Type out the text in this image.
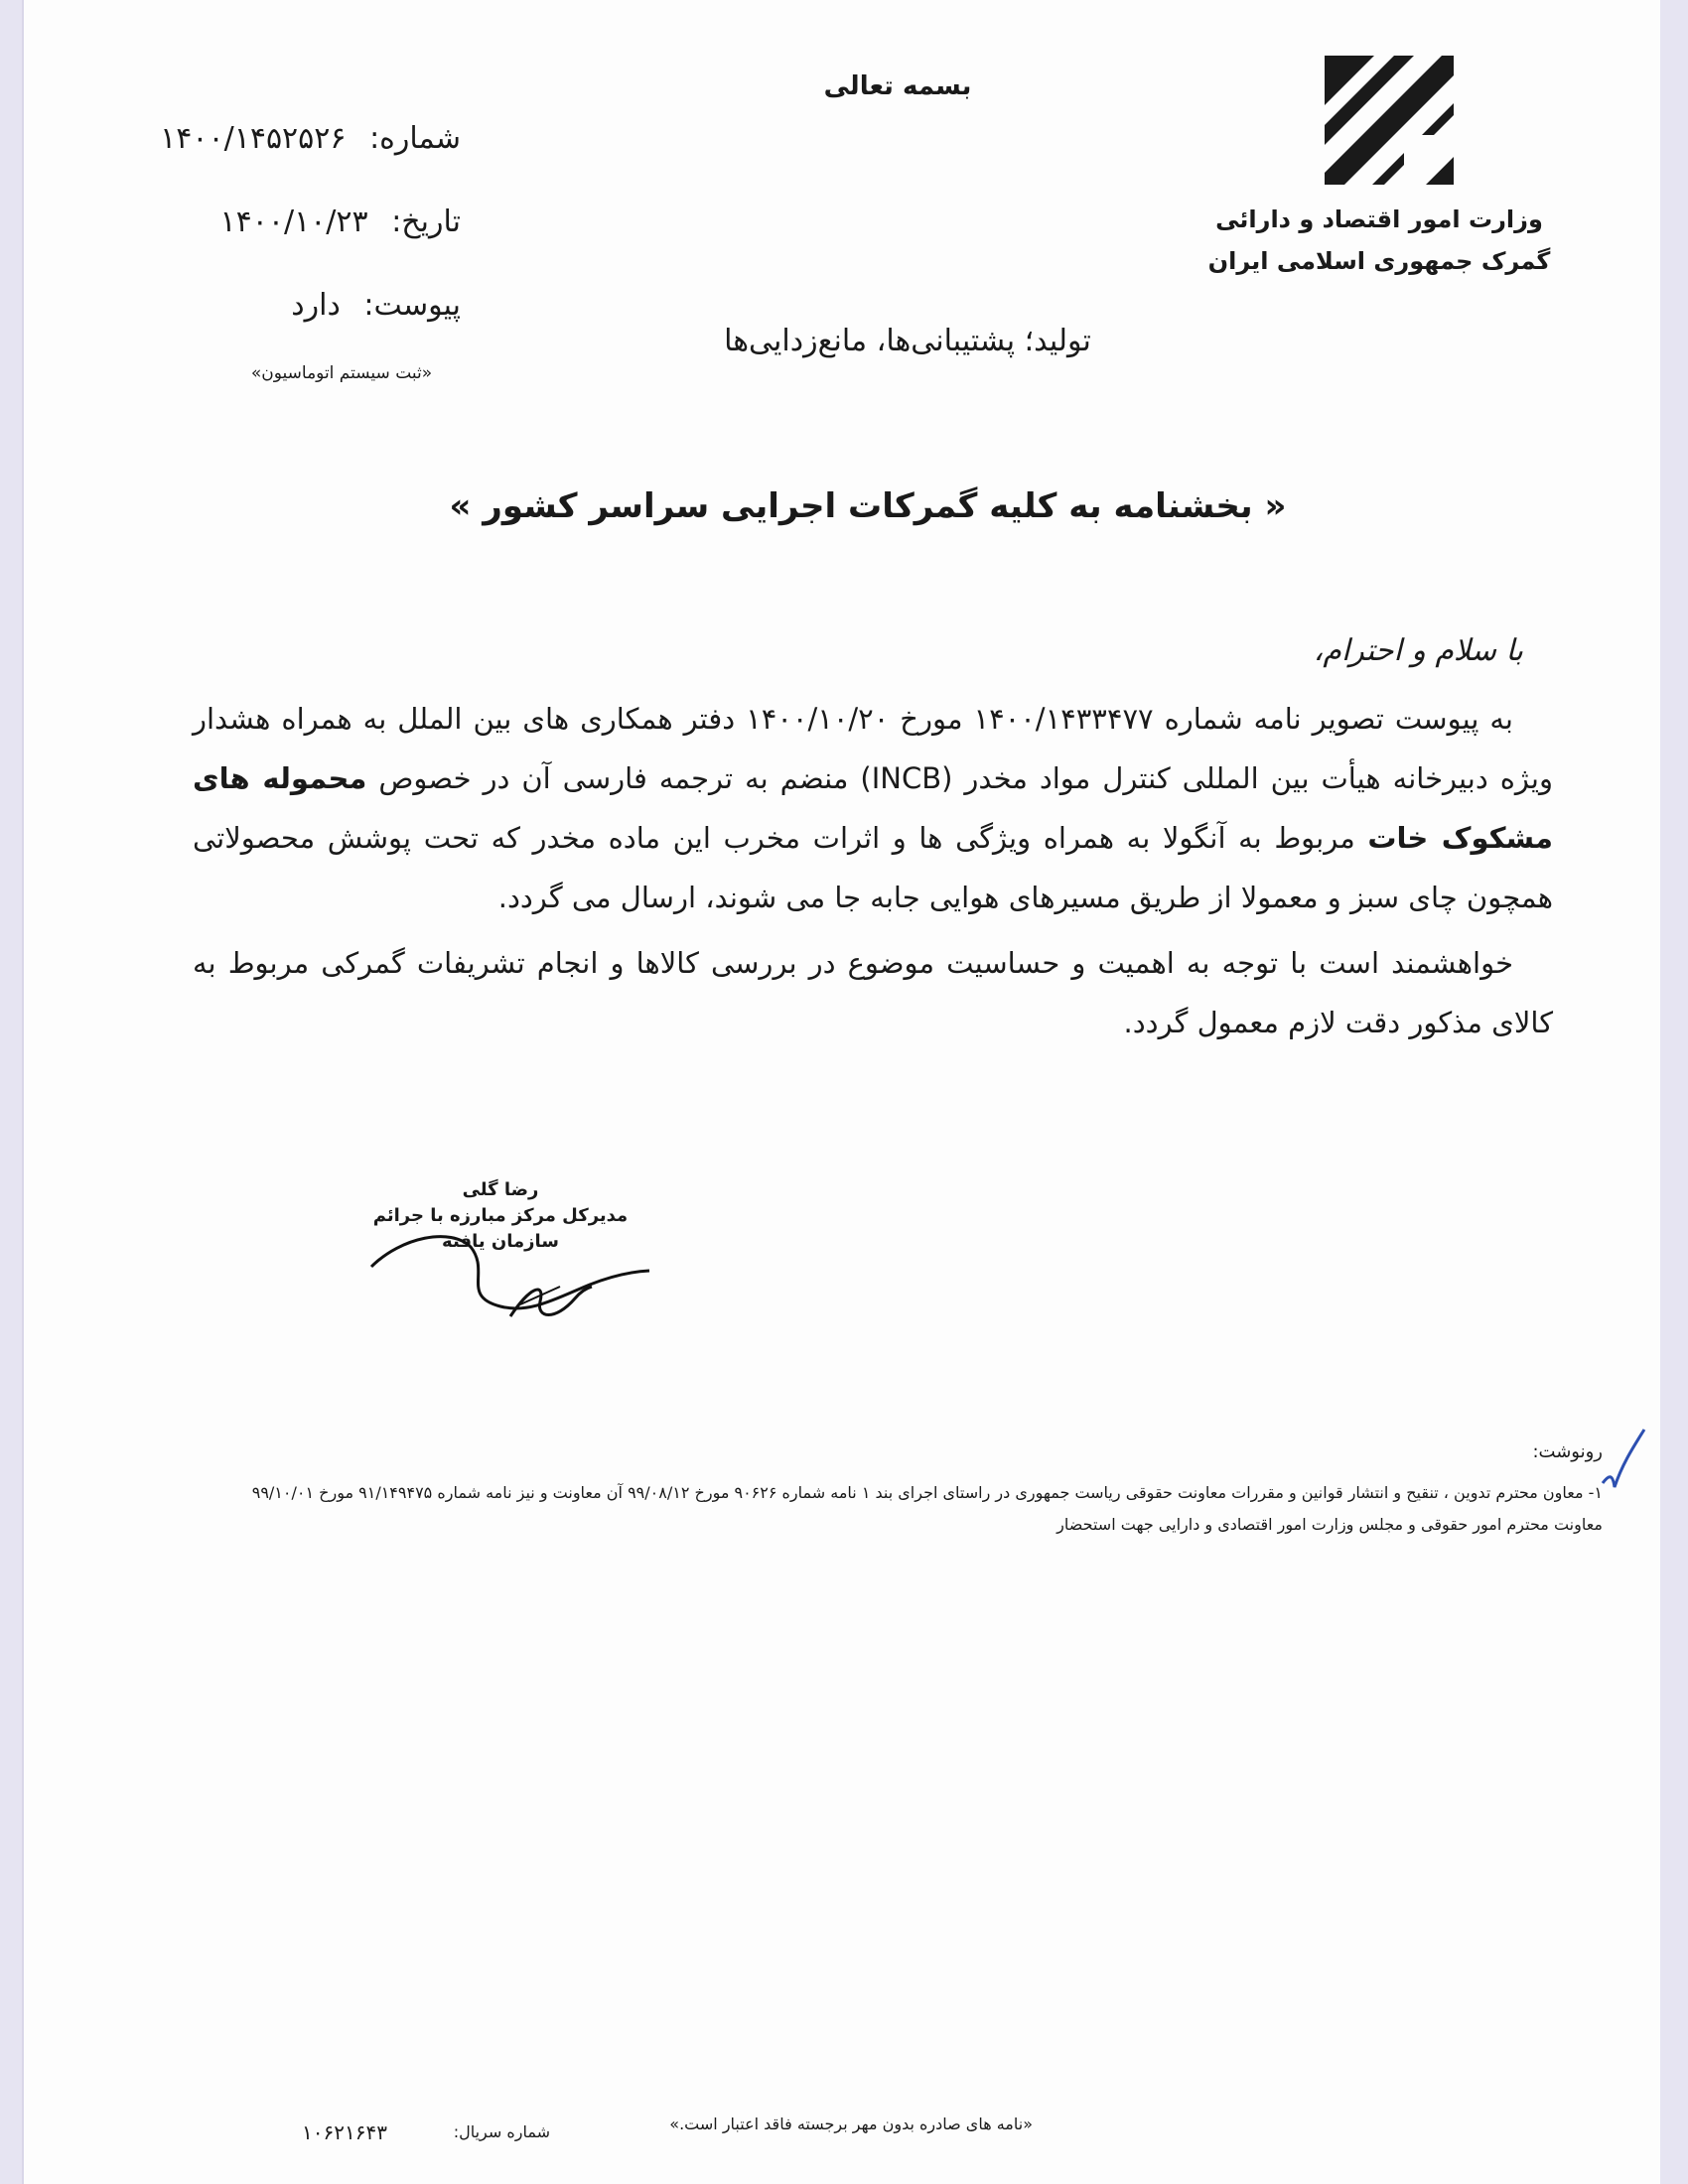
بسمه تعالی
وزارت امور اقتصاد و دارائی
گمرک جمهوری اسلامی ایران
شماره: ۱۴۰۰/۱۴۵۲۵۲۶
تاریخ: ۱۴۰۰/۱۰/۲۳
پیوست: دارد
«ثبت سیستم اتوماسیون»
تولید؛ پشتیبانی‌ها، مانع‌زدایی‌ها
« بخشنامه به کلیه گمرکات اجرایی سراسر کشور »
با سلام و احترام،

به پیوست تصویر نامه شماره ۱۴۰۰/۱۴۳۳۴۷۷ مورخ ۱۴۰۰/۱۰/۲۰ دفتر همکاری های بین الملل به همراه هشدار ویژه دبیرخانه هیأت بین المللی کنترل مواد مخدر (INCB) منضم به ترجمه فارسی آن در خصوص محموله های مشکوک خات مربوط به آنگولا به همراه ویژگی ها و اثرات مخرب این ماده مخدر که تحت پوشش محصولاتی همچون چای سبز و معمولا از طریق مسیرهای هوایی جابه جا می شوند، ارسال می گردد.

خواهشمند است با توجه به اهمیت و حساسیت موضوع در بررسی کالاها و انجام تشریفات گمرکی مربوط به کالای مذکور دقت لازم معمول گردد.

رضا گلی
مدیرکل مرکز مبارزه با جرائم سازمان یافته
رونوشت:
۱- معاون محترم تدوین ، تنقیح و انتشار قوانین و مقررات معاونت حقوقی ریاست جمهوری در راستای اجرای بند ۱ نامه شماره ۹۰۶۲۶ مورخ ۹۹/۰۸/۱۲ آن معاونت و نیز نامه شماره ۹۱/۱۴۹۴۷۵ مورخ ۹۹/۱۰/۰۱ معاونت محترم امور حقوقی و مجلس وزارت امور اقتصادی و دارایی جهت استحضار
«نامه های صادره بدون مهر برجسته فاقد اعتبار است.»
شماره سریال:
۱۰۶۲۱۶۴۳
